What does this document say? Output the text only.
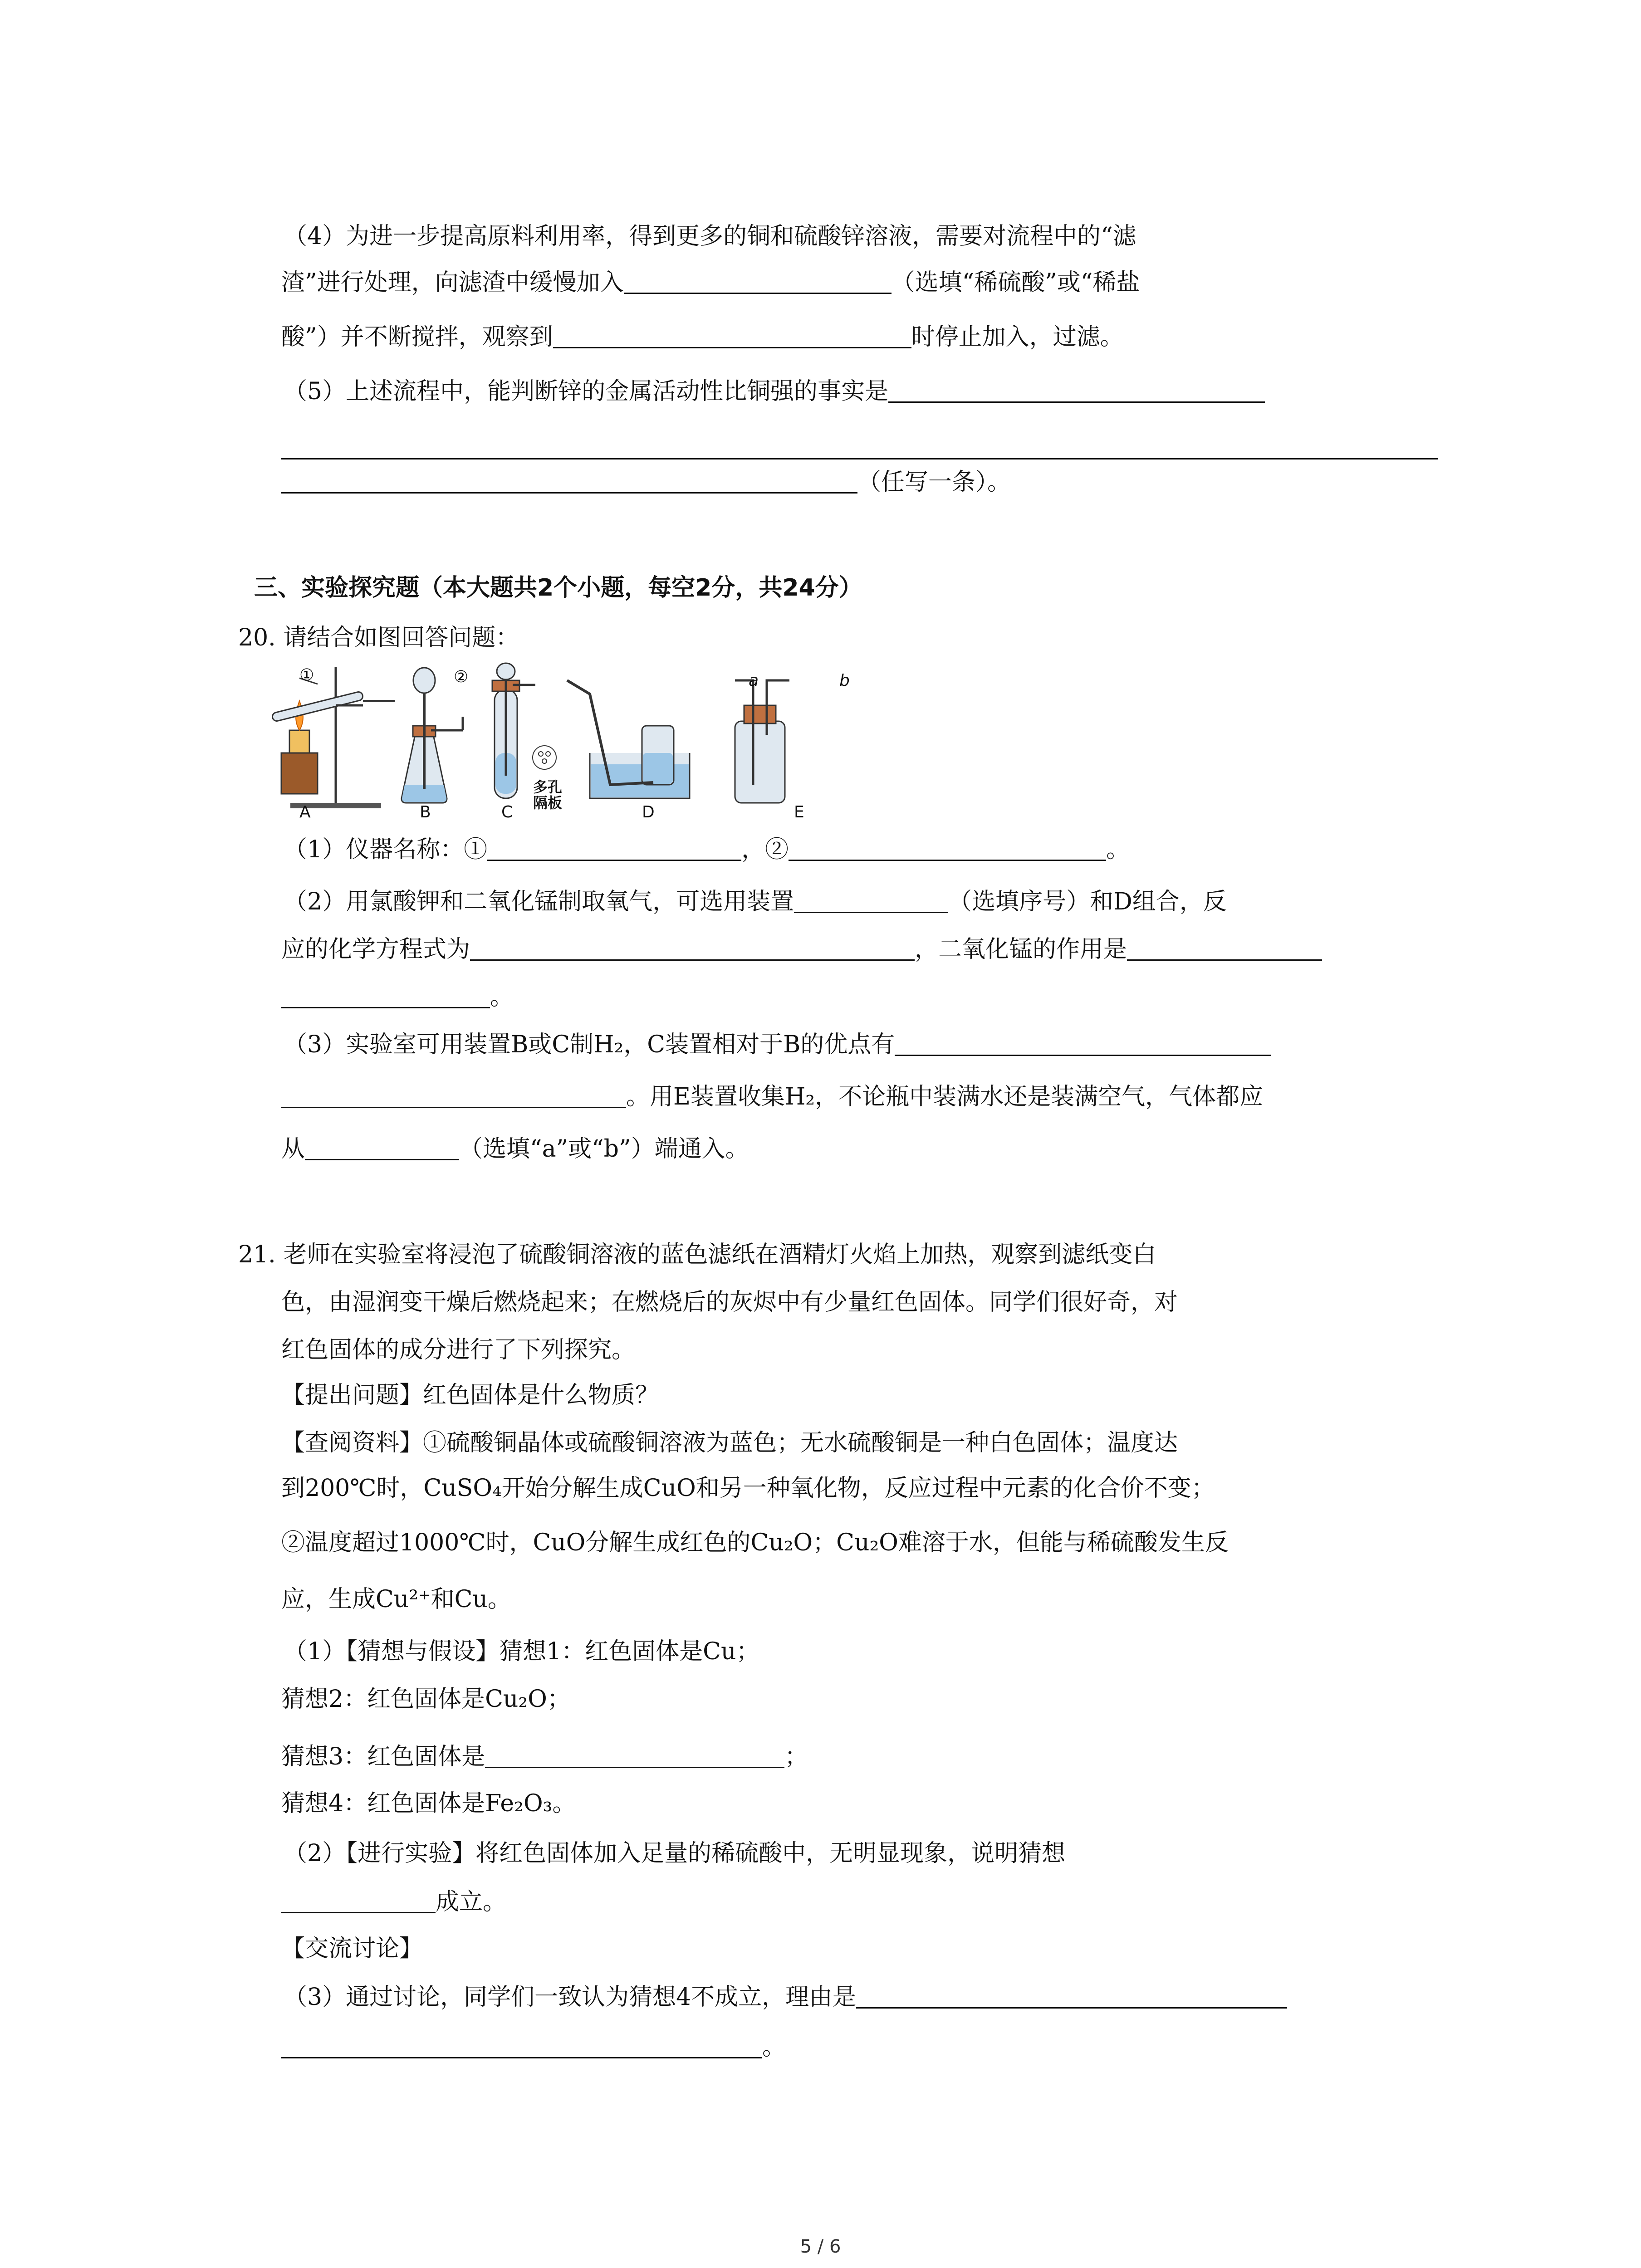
（4）为进一步提高原料利用率，得到更多的铜和硫酸锌溶液，需要对流程中的“滤
渣”进行处理，向滤渣中缓慢加入	（选填“稀硫酸”或“稀盐
酸”）并不断搅拌，观察到	时停止加入，过滤。
（5）上述流程中，能判断锌的金属活动性比铜强的事实是
（任写一条）。
三、实验探究题（本大题共2个小题，每空2分，共24分）
20. 请结合如图回答问题：
①	②	a	b
多孔
隔板
A	B	C	D	E
（1）仪器名称：①	，②	。
（2）用氯酸钾和二氧化锰制取氧气，可选用装置	（选填序号）和D组合，反
应的化学方程式为	，二氧化锰的作用是
。
（3）实验室可用装置B或C制H₂，C装置相对于B的优点有
。用E装置收集H₂，不论瓶中装满水还是装满空气，气体都应
从	（选填“a”或“b”）端通入。
21. 老师在实验室将浸泡了硫酸铜溶液的蓝色滤纸在酒精灯火焰上加热，观察到滤纸变白
色，由湿润变干燥后燃烧起来；在燃烧后的灰烬中有少量红色固体。同学们很好奇，对
红色固体的成分进行了下列探究。
【提出问题】红色固体是什么物质？
【查阅资料】①硫酸铜晶体或硫酸铜溶液为蓝色；无水硫酸铜是一种白色固体；温度达
到200℃时，CuSO₄开始分解生成CuO和另一种氧化物，反应过程中元素的化合价不变；
②温度超过1000℃时，CuO分解生成红色的Cu₂O；Cu₂O难溶于水，但能与稀硫酸发生反
应，生成Cu²⁺和Cu。
（1）【猜想与假设】猜想1：红色固体是Cu；
猜想2：红色固体是Cu₂O；
猜想3：红色固体是	；
猜想4：红色固体是Fe₂O₃。
（2）【进行实验】将红色固体加入足量的稀硫酸中，无明显现象，说明猜想
成立。
【交流讨论】
（3）通过讨论，同学们一致认为猜想4不成立，理由是
。
5 / 6
